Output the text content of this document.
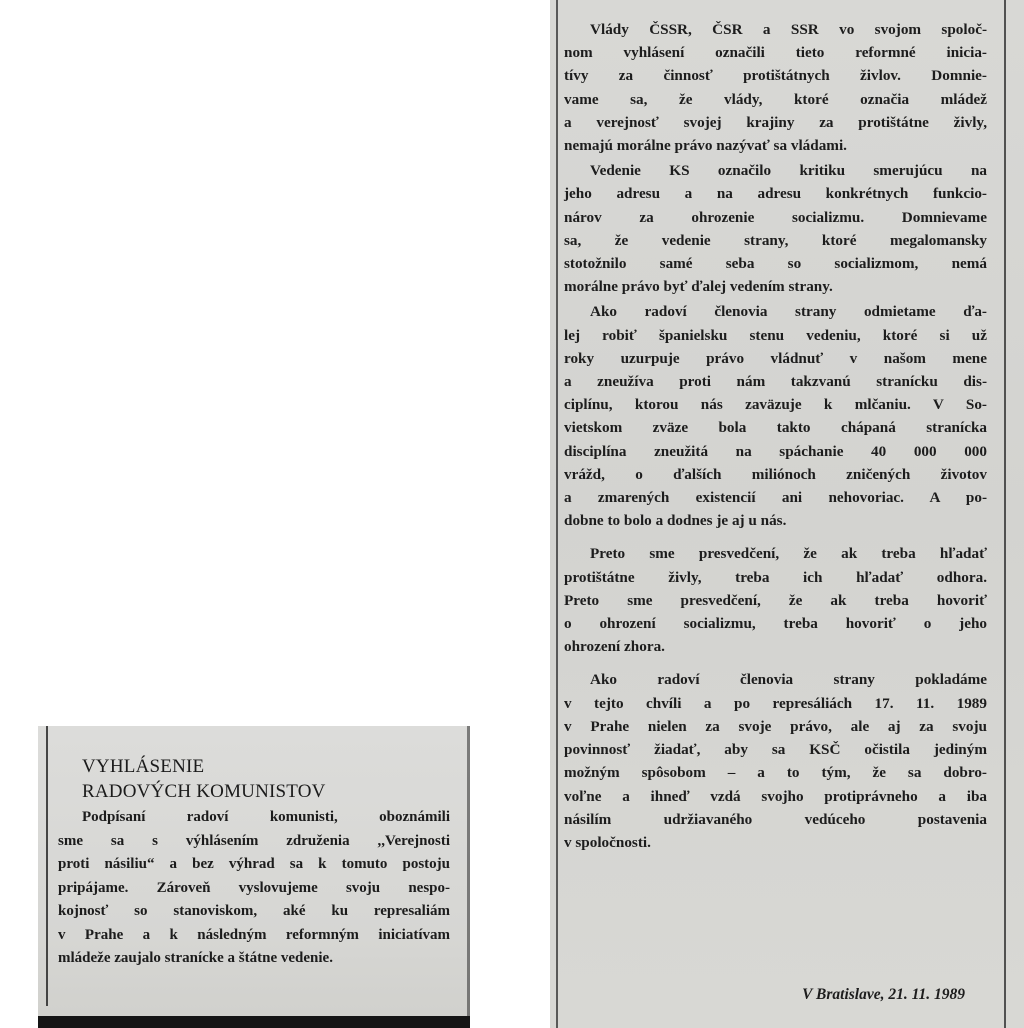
VYHLÁSENIE
RADOVÝCH KOMUNISTOV
Podpísaní radoví komunisti, oboznámili
sme sa s výhlásením združenia ,,Verejnosti
proti násiliu“ a bez výhrad sa k tomuto postoju
pripájame. Zároveň vyslovujeme svoju nespo-
kojnosť so stanoviskom, aké ku represaliám
v Prahe a k následným reformným iniciatívam
mládeže zaujalo stranícke a štátne vedenie.
Vlády ČSSR, ČSR a SSR vo svojom spoloč-
nom vyhlásení označili tieto reformné inicia-
tívy za činnosť protištátnych živlov. Domnie-
vame sa, že vlády, ktoré označia mládež
a verejnosť svojej krajiny za protištátne živly,
nemajú morálne právo nazývať sa vládami.
Vedenie KS označilo kritiku smerujúcu na
jeho adresu a na adresu konkrétnych funkcio-
nárov za ohrozenie socializmu. Domnievame
sa, že vedenie strany, ktoré megalomansky
stotožnilo samé seba so socializmom, nemá
morálne právo byť ďalej vedením strany.
Ako radoví členovia strany odmietame ďa-
lej robiť španielsku stenu vedeniu, ktoré si už
roky uzurpuje právo vládnuť v našom mene
a zneužíva proti nám takzvanú stranícku dis-
ciplínu, ktorou nás zaväzuje k mlčaniu. V So-
vietskom zväze bola takto chápaná stranícka
disciplína zneužitá na spáchanie 40 000 000
vrážd, o ďalších miliónoch zničených životov
a zmarených existencií ani nehovoriac. A po-
dobne to bolo a dodnes je aj u nás.
Preto sme presvedčení, že ak treba hľadať
protištátne živly, treba ich hľadať odhora.
Preto sme presvedčení, že ak treba hovoriť
o ohrození socializmu, treba hovoriť o jeho
ohrození zhora.
Ako radoví členovia strany pokladáme
v tejto chvíli a po represáliách 17. 11. 1989
v Prahe nielen za svoje právo, ale aj za svoju
povinnosť žiadať, aby sa KSČ očistila jediným
možným spôsobom – a to tým, že sa dobro-
voľne a ihneď vzdá svojho protiprávneho a iba
násilím udržiavaného vedúceho postavenia
v spoločnosti.
V Bratislave, 21. 11. 1989
